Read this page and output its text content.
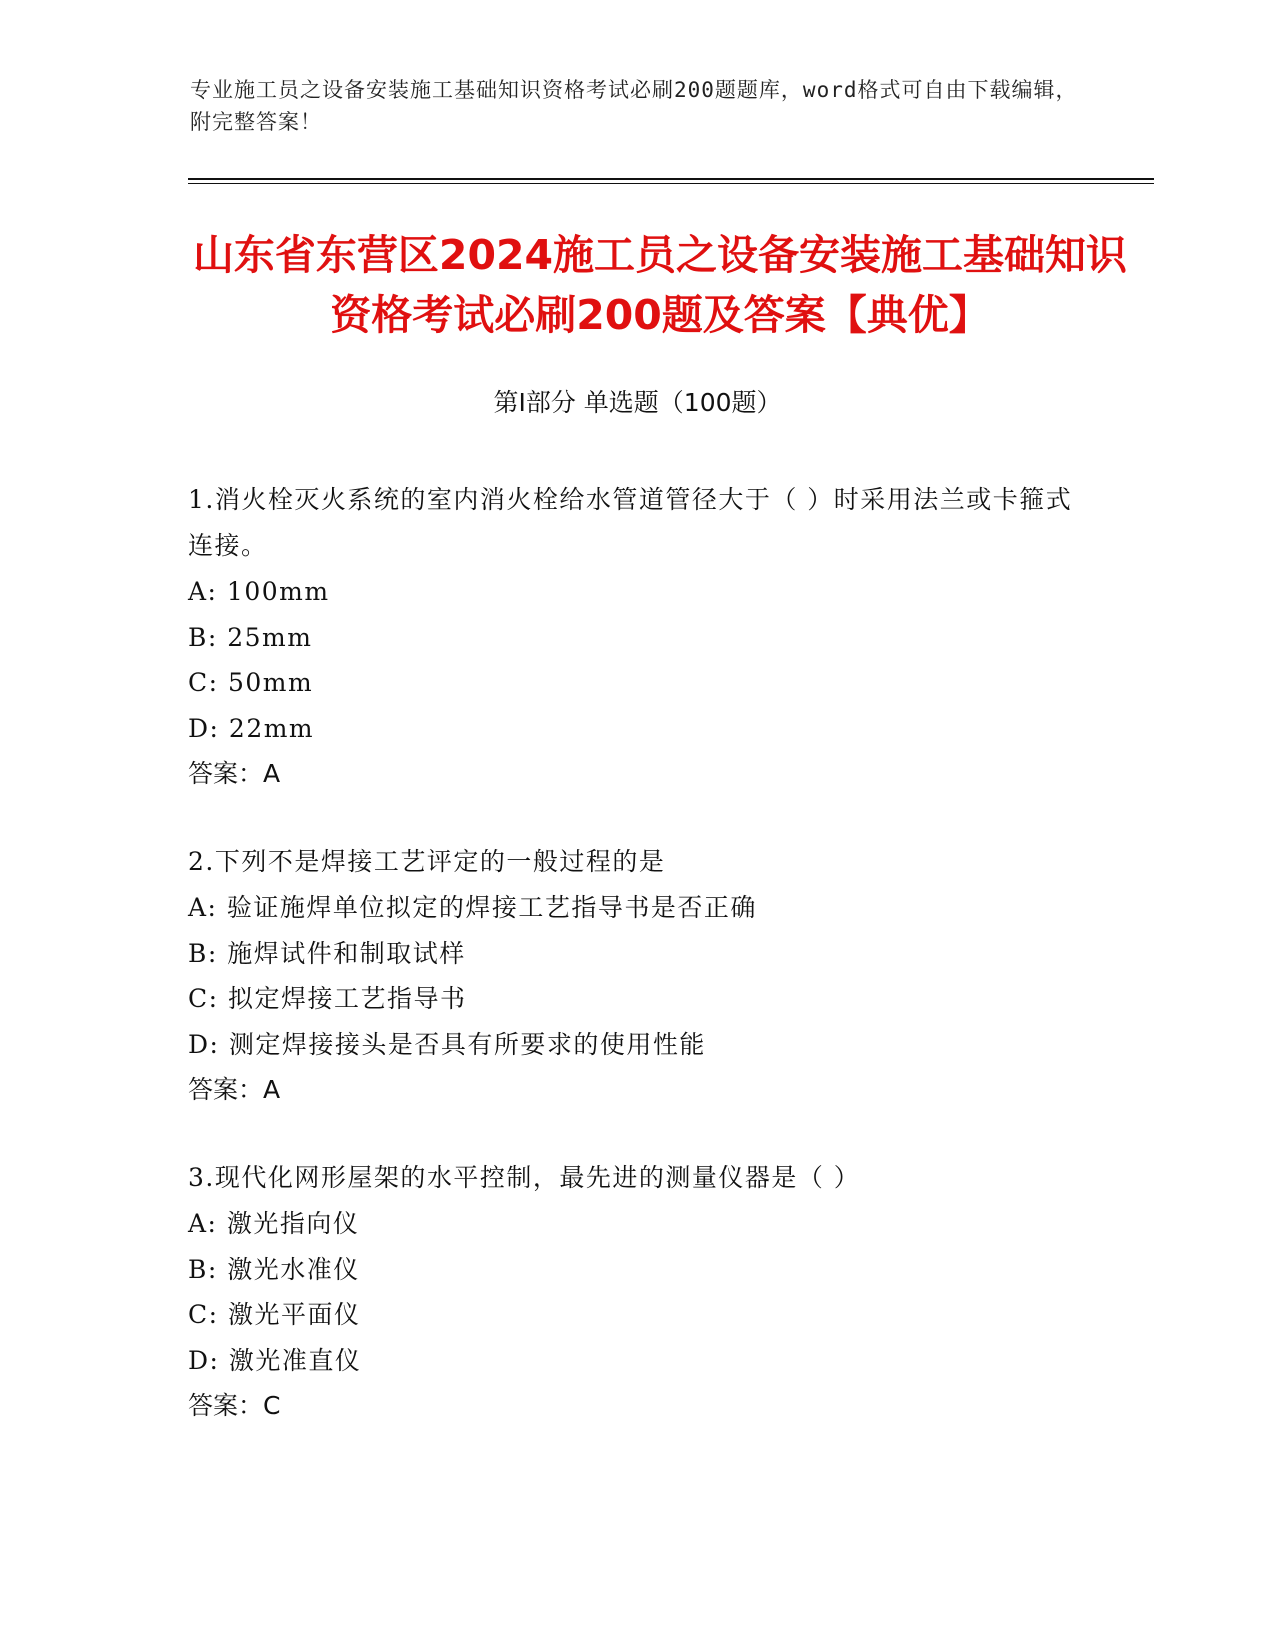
专业施工员之设备安装施工基础知识资格考试必刷200题题库，word格式可自由下载编辑，附完整答案！
山东省东营区2024施工员之设备安装施工基础知识资格考试必刷200题及答案【典优】
第Ⅰ部分 单选题（100题）
1.消火栓灭火系统的室内消火栓给水管道管径大于（ ）时采用法兰或卡箍式连接。
A: 100mm
B: 25mm
C: 50mm
D: 22mm
答案：A
2.下列不是焊接工艺评定的一般过程的是
A: 验证施焊单位拟定的焊接工艺指导书是否正确
B: 施焊试件和制取试样
C: 拟定焊接工艺指导书
D: 测定焊接接头是否具有所要求的使用性能
答案：A
3.现代化网形屋架的水平控制，最先进的测量仪器是（ ）
A: 激光指向仪
B: 激光水准仪
C: 激光平面仪
D: 激光准直仪
答案：C
